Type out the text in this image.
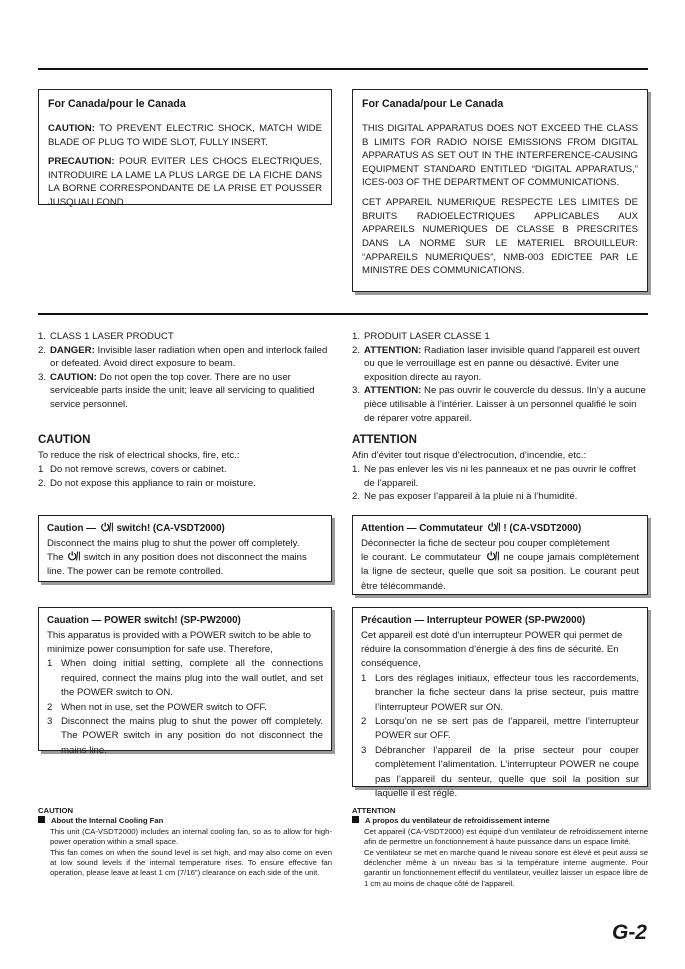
For Canada/pour le Canada

CAUTION: TO PREVENT ELECTRIC SHOCK, MATCH WIDE BLADE OF PLUG TO WIDE SLOT, FULLY INSERT.

PRECAUTION: POUR EVITER LES CHOCS ELECTRIQUES, INTRODUIRE LA LAME LA PLUS LARGE DE LA FICHE DANS LA BORNE CORRESPONDANTE DE LA PRISE ET POUSSER JUSQUAU FOND

For Canada/pour Le Canada

THIS DIGITAL APPARATUS DOES NOT EXCEED THE CLASS B LIMITS FOR RADIO NOISE EMISSIONS FROM DIGITAL APPARATUS AS SET OUT IN THE INTERFERENCE-CAUSING EQUIPMENT STANDARD ENTITLED “DIGITAL APPARATUS,” ICES-003 OF THE DEPARTMENT OF COMMUNICATIONS.

CET APPAREIL NUMERIQUE RESPECTE LES LIMITES DE BRUITS RADIOELECTRIQUES APPLICABLES AUX APPAREILS NUMERIQUES DE CLASSE B PRESCRITES DANS LA NORME SUR LE MATERIEL BROUILLEUR: “APPAREILS NUMERIQUES”, NMB-003 EDICTEE PAR LE MINISTRE DES COMMUNICATIONS.

1. CLASS 1 LASER PRODUCT
2. DANGER: Invisible laser radiation when open and interlock failed or defeated. Avoid direct exposure to beam.
3. CAUTION: Do not open the top cover. There are no user serviceable parts inside the unit; leave all servicing to qualitied service personnel.
1. PRODUIT LASER CLASSE 1
2. ATTENTION: Radiation laser invisible quand l'appareil est ouvert ou que le verrouillage est en panne ou désactivé. Eviter une exposition directe au rayon.
3. ATTENTION: Ne pas ouvrir le couvercle du dessus. Iln’y a aucune pièce utilisable à l’intérier. Laisser à un personnel qualifié le soin de réparer votre appareil.
CAUTION
To reduce the risk of electrical shocks, fire, etc.:
1 Do not remove screws, covers or cabinet.
2. Do not expose this appliance to rain or moisture.
ATTENTION
Afin d’éviter tout risque d’électrocution, d’incendie, etc.:
1. Ne pas enlever les vis ni les panneaux et ne pas ouvrir le coffret de l’appareil.
2. Ne pas exposer l’appareil à la pluie ni à l’humidité.
Caution — switch! (CA-VSDT2000)
Disconnect the mains plug to shut the power off completely.
The switch in any position does not disconnect the mains line. The power can be remote controlled.
Attention — Commutateur ! (CA-VSDT2000)
Déconnecter la fiche de secteur pou couper complètement
le courant. Le commutateur ne coupe jamais complètement la ligne de secteur, quelle que soit sa position. Le courant peut être télécommandé.
Cauation — POWER switch! (SP-PW2000)
This apparatus is provided with a POWER switch to be able to minimize power consumption for safe use. Therefore,
1 When doing initial setting, complete all the connections required, connect the mains plug into the wall outlet, and set the POWER switch to ON.
2 When not in use, set the POWER switch to OFF.
3 Disconnect the mains plug to shut the power off completely. The POWER switch in any position do not disconnect the mains line.
Précaution — Interrupteur POWER (SP-PW2000)
Cet appareil est doté d’un interrupteur POWER qui permet de réduire la consommation d’énergie à des fins de sécurité. En conséquence,
1 Lors des réglages initiaux, effecteur tous les raccordements, brancher la fiche secteur dans la prise secteur, puis mattre l’interrupteur POWER sur ON.
2 Lorsqu’on ne se sert pas de l’appareil, mettre l’interrupteur POWER sur OFF.
3 Débrancher l’appareil de la prise secteur pour couper complètement l’alimentation. L’interrupteur POWER ne coupe pas l’appareil du senteur, quelle que soil la position sur laquelle il est réglé.
CAUTION
About the Internal Cooling Fan
This unit (CA-VSDT2000) includes an internal cooling fan, so as to allow for high-power operation within a small space.
This fan comes on when the sound level is set high, and may also come on even at low sound levels if the internal temperature rises. To ensure effective fan operation, please leave at least 1 cm (7/16") clearance on each side of the unit.
ATTENTION
A propos du ventilateur de refroidissement interne
Cet appareil (CA-VSDT2000) est équipé d’un ventilateur de refroidissement interne afin de permettre un fonctionnement à haute puissance dans un espace limité.
Ce ventilateur se met en marche quand le niveau sonore est élevé et peut aussi se déclencher même à un niveau bas si la température interne augmente. Pour garantir un fonctionnement effectif du ventilateur, veuillez laisser un espace libre de 1 cm au moins de chaque côté de l’appareil.
G-2
